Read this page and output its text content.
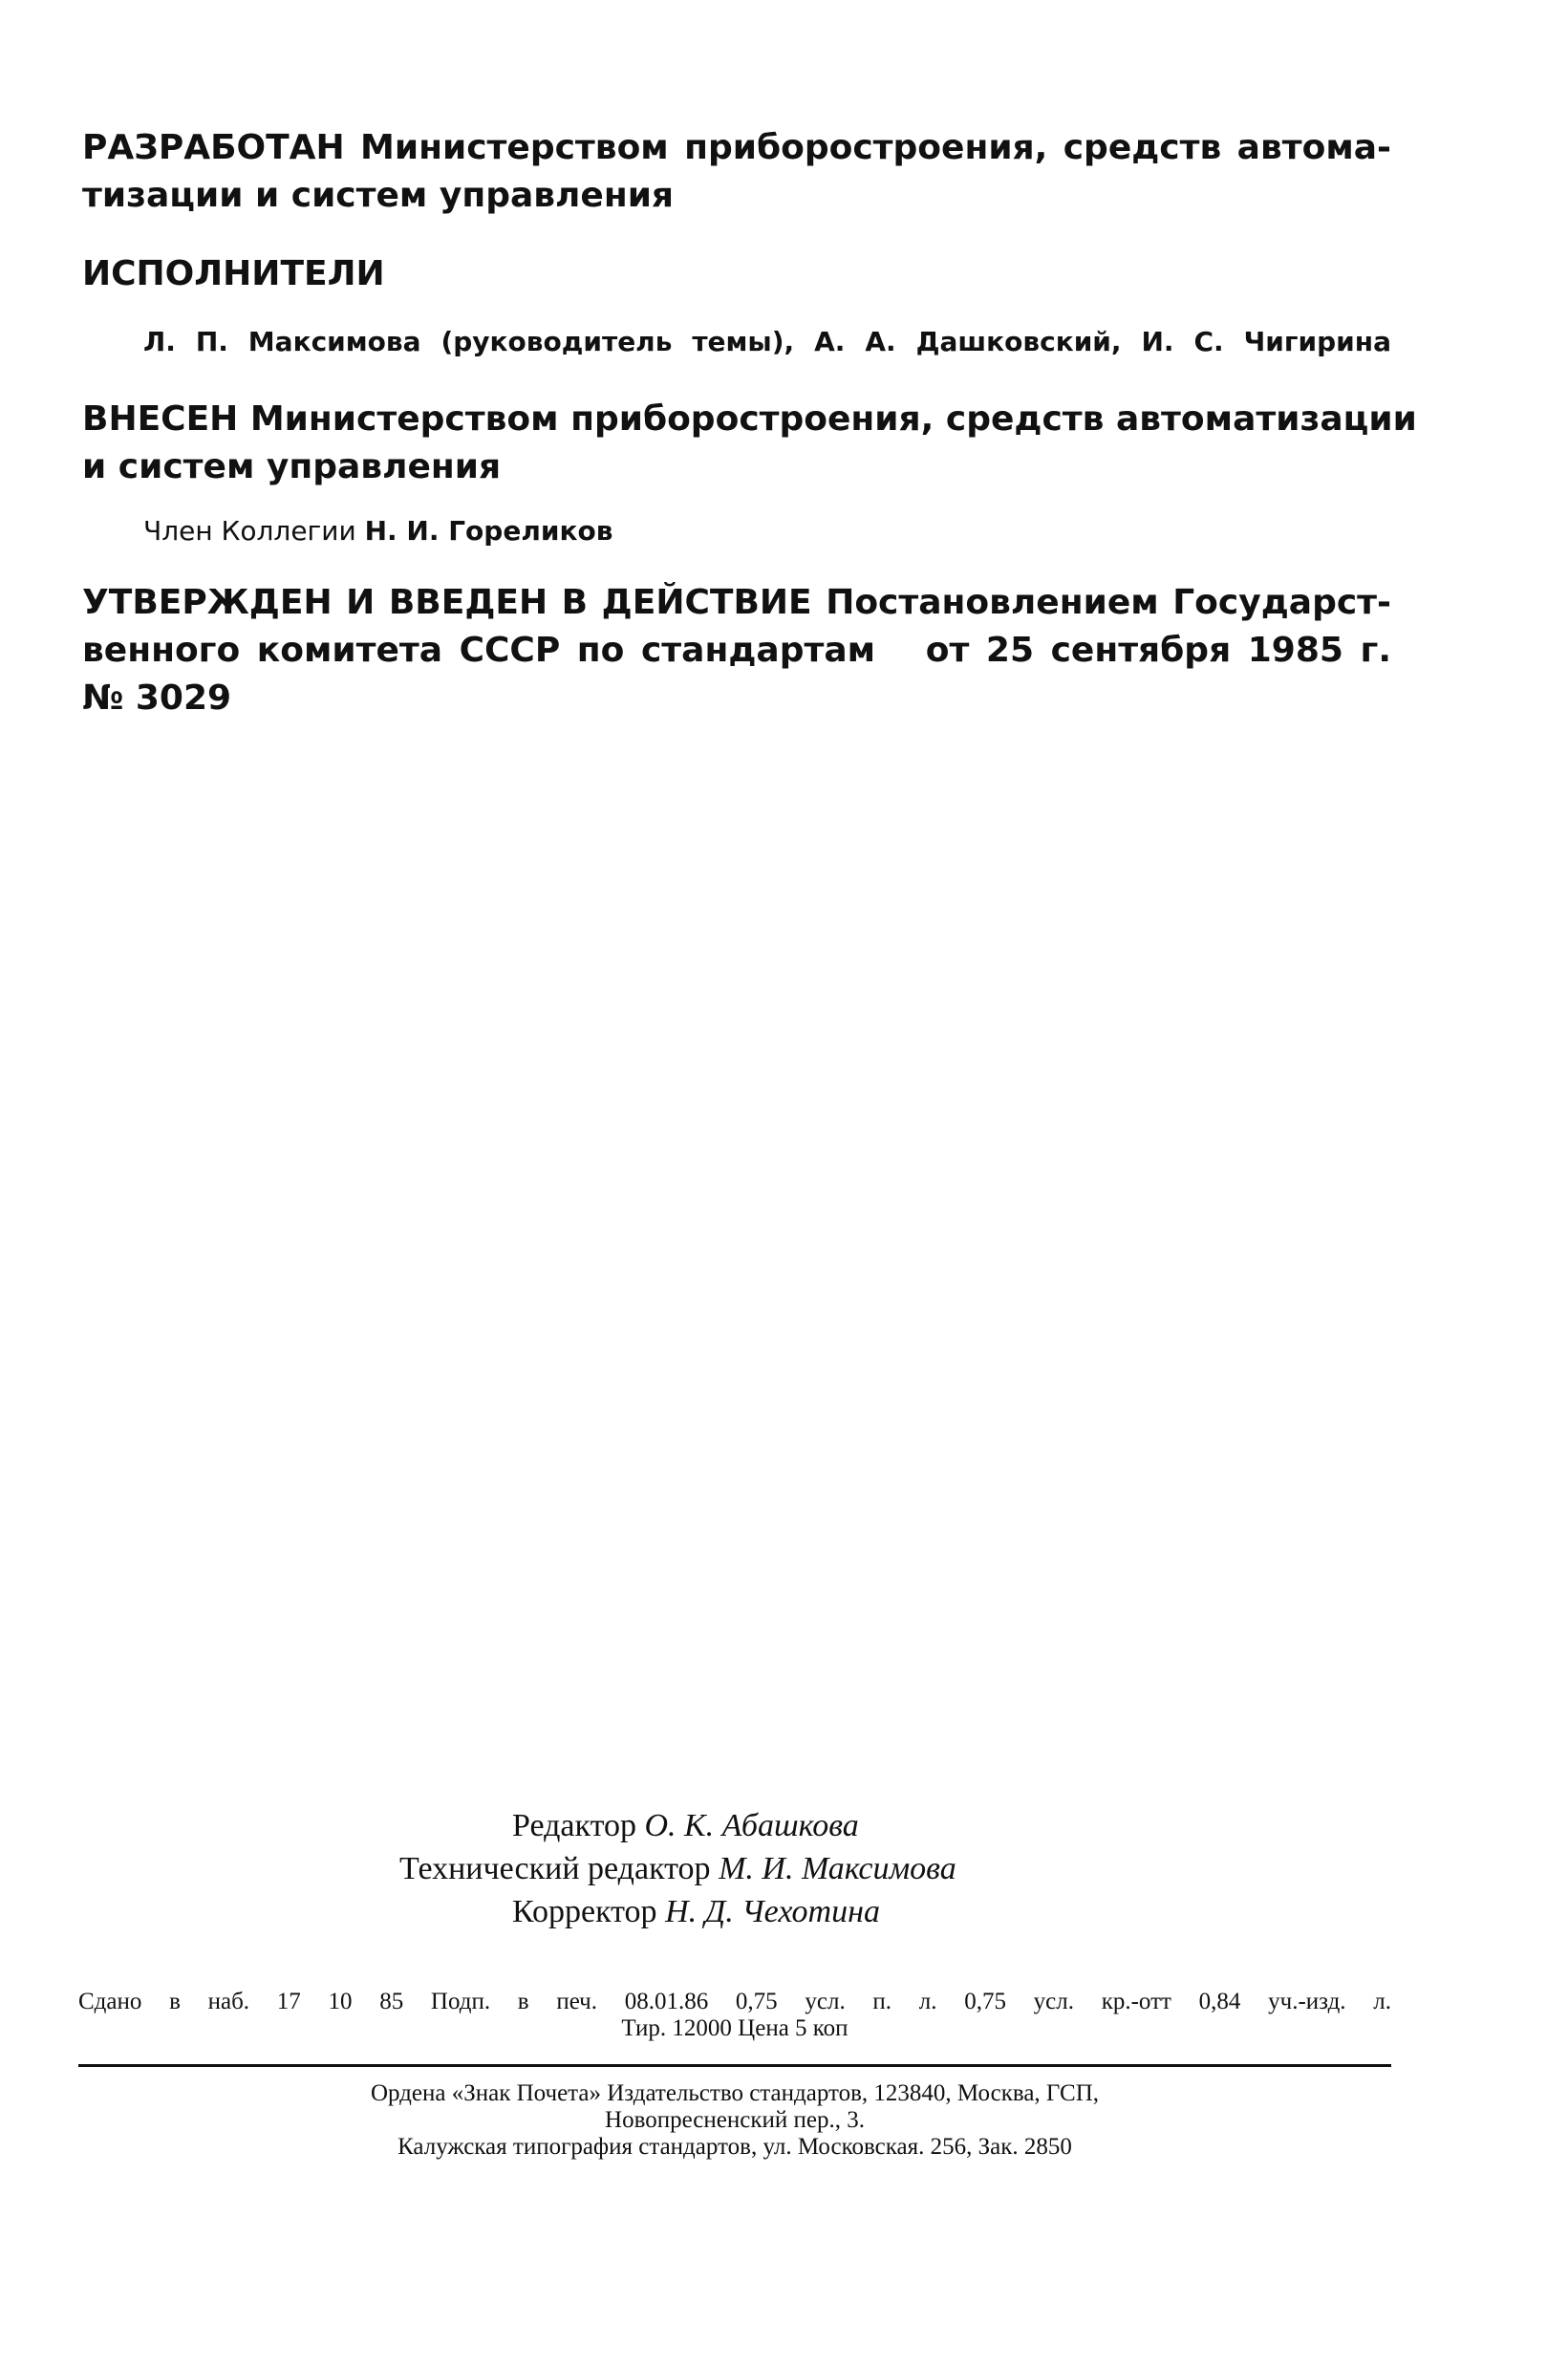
РАЗРАБОТАН Министерством приборостроения, средств автома-
тизации и систем управления
ИСПОЛНИТЕЛИ
Л. П. Максимова (руководитель темы), А. А. Дашковский, И. С. Чигирина
ВНЕСЕН Министерством приборостроения, средств автоматизации
и систем управления
Член Коллегии Н. И. Гореликов
УТВЕРЖДЕН И ВВЕДЕН В ДЕЙСТВИЕ Постановлением Государст-
венного комитета СССР по стандартам   от 25 сентября 1985 г.
№ 3029
Редактор О. К. Абашкова
Технический редактор М. И. Максимова
Корректор Н. Д. Чехотина
Сдано в наб. 17 10 85 Подп. в печ. 08.01.86 0,75 усл. п. л. 0,75 усл. кр.-отт 0,84 уч.-изд. л.
Тир. 12000 Цена 5 коп
Ордена «Знак Почета» Издательство стандартов, 123840, Москва, ГСП,
Новопресненский пер., 3.
Калужская типография стандартов, ул. Московская. 256, Зак. 2850
